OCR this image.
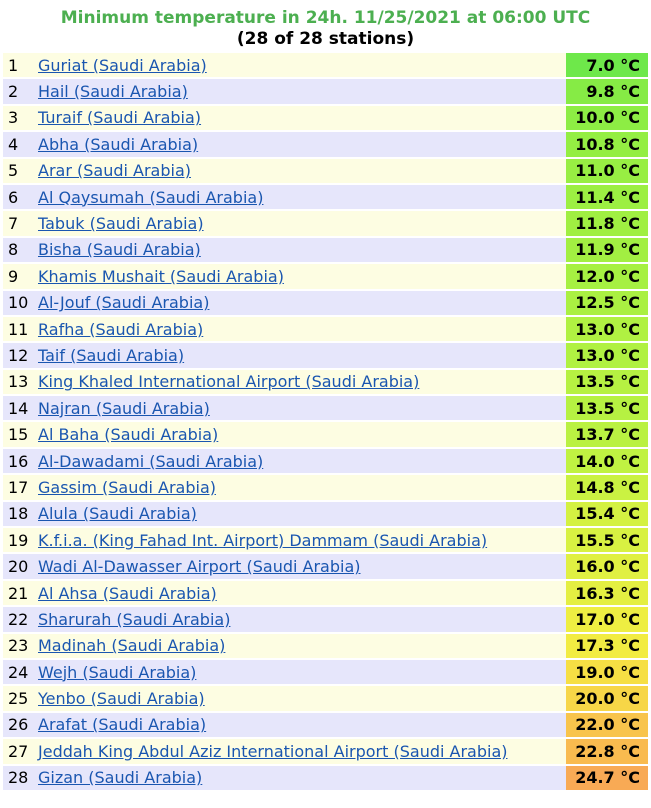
Minimum temperature in 24h. 11/25/2021 at 06:00 UTC
(28 of 28 stations)
1	Guriat (Saudi Arabia)	7.0 °C
2	Hail (Saudi Arabia)	9.8 °C
3	Turaif (Saudi Arabia)	10.0 °C
4	Abha (Saudi Arabia)	10.8 °C
5	Arar (Saudi Arabia)	11.0 °C
6	Al Qaysumah (Saudi Arabia)	11.4 °C
7	Tabuk (Saudi Arabia)	11.8 °C
8	Bisha (Saudi Arabia)	11.9 °C
9	Khamis Mushait (Saudi Arabia)	12.0 °C
10	Al-Jouf (Saudi Arabia)	12.5 °C
11	Rafha (Saudi Arabia)	13.0 °C
12	Taif (Saudi Arabia)	13.0 °C
13	King Khaled International Airport (Saudi Arabia)	13.5 °C
14	Najran (Saudi Arabia)	13.5 °C
15	Al Baha (Saudi Arabia)	13.7 °C
16	Al-Dawadami (Saudi Arabia)	14.0 °C
17	Gassim (Saudi Arabia)	14.8 °C
18	Alula (Saudi Arabia)	15.4 °C
19	K.f.i.a. (King Fahad Int. Airport) Dammam (Saudi Arabia)	15.5 °C
20	Wadi Al-Dawasser Airport (Saudi Arabia)	16.0 °C
21	Al Ahsa (Saudi Arabia)	16.3 °C
22	Sharurah (Saudi Arabia)	17.0 °C
23	Madinah (Saudi Arabia)	17.3 °C
24	Wejh (Saudi Arabia)	19.0 °C
25	Yenbo (Saudi Arabia)	20.0 °C
26	Arafat (Saudi Arabia)	22.0 °C
27	Jeddah King Abdul Aziz International Airport (Saudi Arabia)	22.8 °C
28	Gizan (Saudi Arabia)	24.7 °C
